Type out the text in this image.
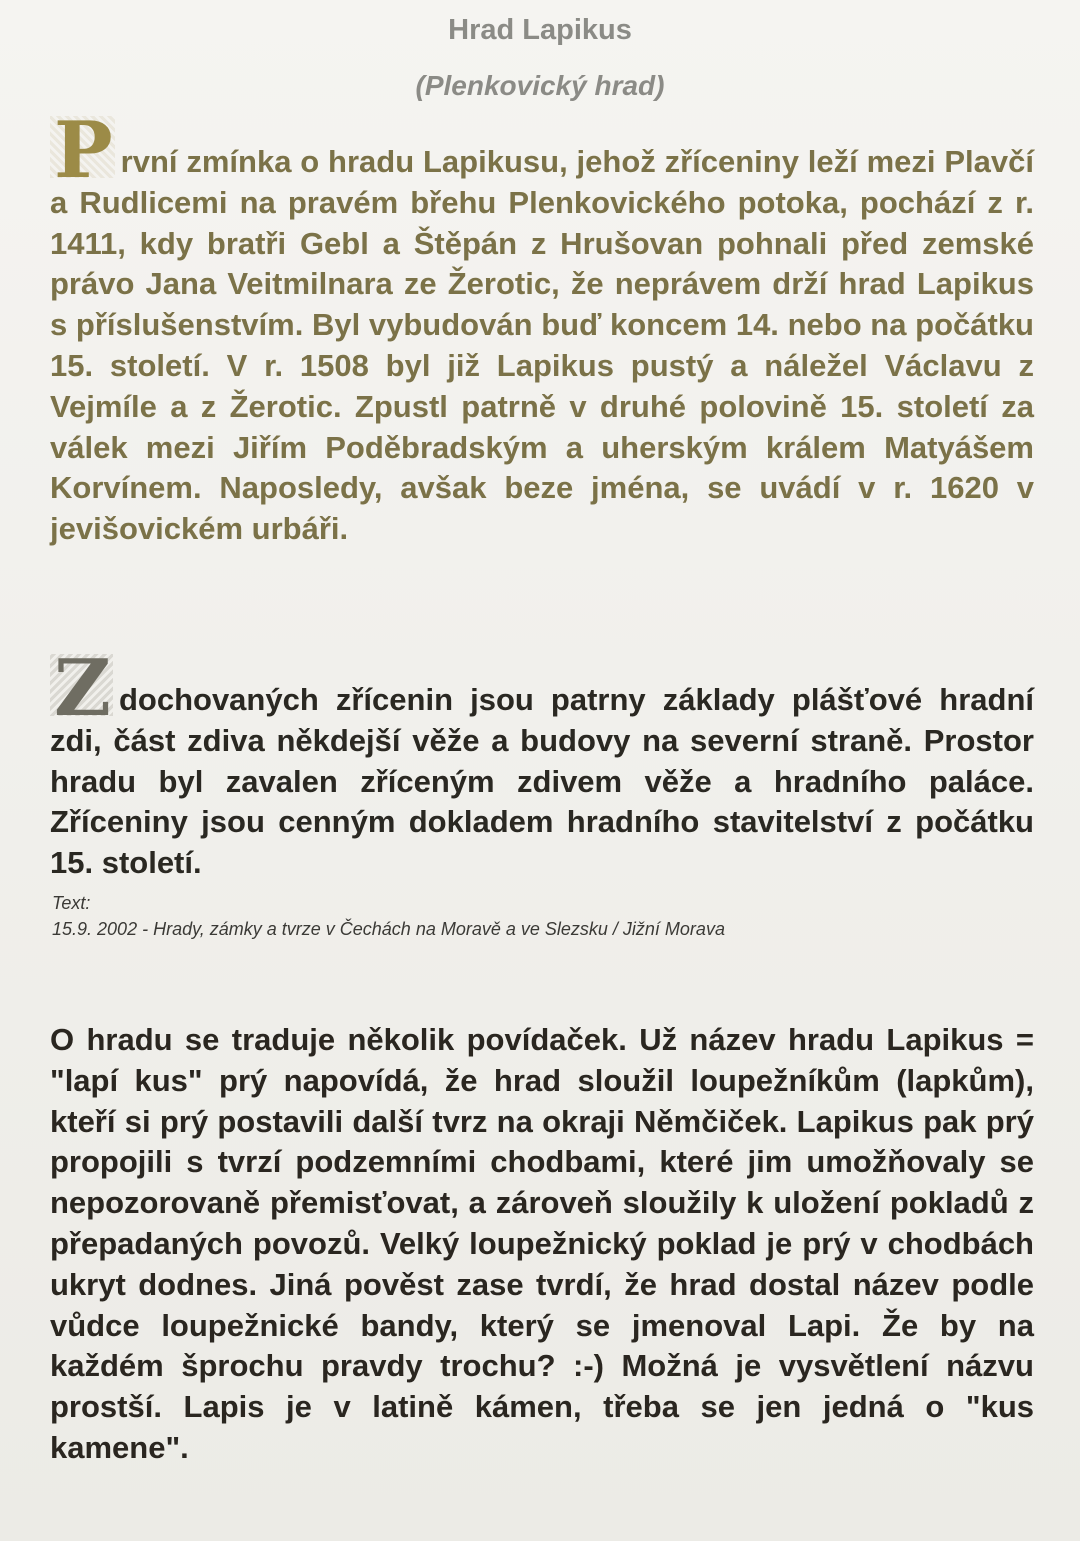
Hrad Lapikus
(Plenkovický hrad)

P rvní zmínka o hradu Lapikusu, jehož zříceniny leží mezi Plavčí a Rudlicemi na pravém břehu Plenkovického potoka, pochází z r. 1411, kdy bratři Gebl a Štěpán z Hrušovan pohnali před zemské právo Jana Veitmilnara ze Žerotic, že neprávem drží hrad Lapikus s příslušenstvím. Byl vybudován buď koncem 14. nebo na počátku 15. století. V r. 1508 byl již Lapikus pustý a náležel Václavu z Vejmíle a z Žerotic. Zpustl patrně v druhé polovině 15. století za válek mezi Jiřím Poděbradským a uherským králem Matyášem Korvínem. Naposledy, avšak beze jména, se uvádí v r. 1620 v jevišovickém urbáři.

Z dochovaných zřícenin jsou patrny základy plášťové hradní zdi, část zdiva někdejší věže a budovy na severní straně. Prostor hradu byl zavalen zříceným zdivem věže a hradního paláce. Zříceniny jsou cenným dokladem hradního stavitelství z počátku 15. století.

Text:
15.9. 2002 - Hrady, zámky a tvrze v Čechách na Moravě a ve Slezsku / Jižní Morava

O hradu se traduje několik povídaček. Už název hradu Lapikus = "lapí kus" prý napovídá, že hrad sloužil loupežníkům (lapkům), kteří si prý postavili další tvrz na okraji Němčiček. Lapikus pak prý propojili s tvrzí podzemními chodbami, které jim umožňovaly se nepozorovaně přemisťovat, a zároveň sloužily k uložení pokladů z přepadaných povozů. Velký loupežnický poklad je prý v chodbách ukryt dodnes. Jiná pověst zase tvrdí, že hrad dostal název podle vůdce loupežnické bandy, který se jmenoval Lapi. Že by na každém šprochu pravdy trochu? :-) Možná je vysvětlení názvu prostší. Lapis je v latině kámen, třeba se jen jedná o "kus kamene".
